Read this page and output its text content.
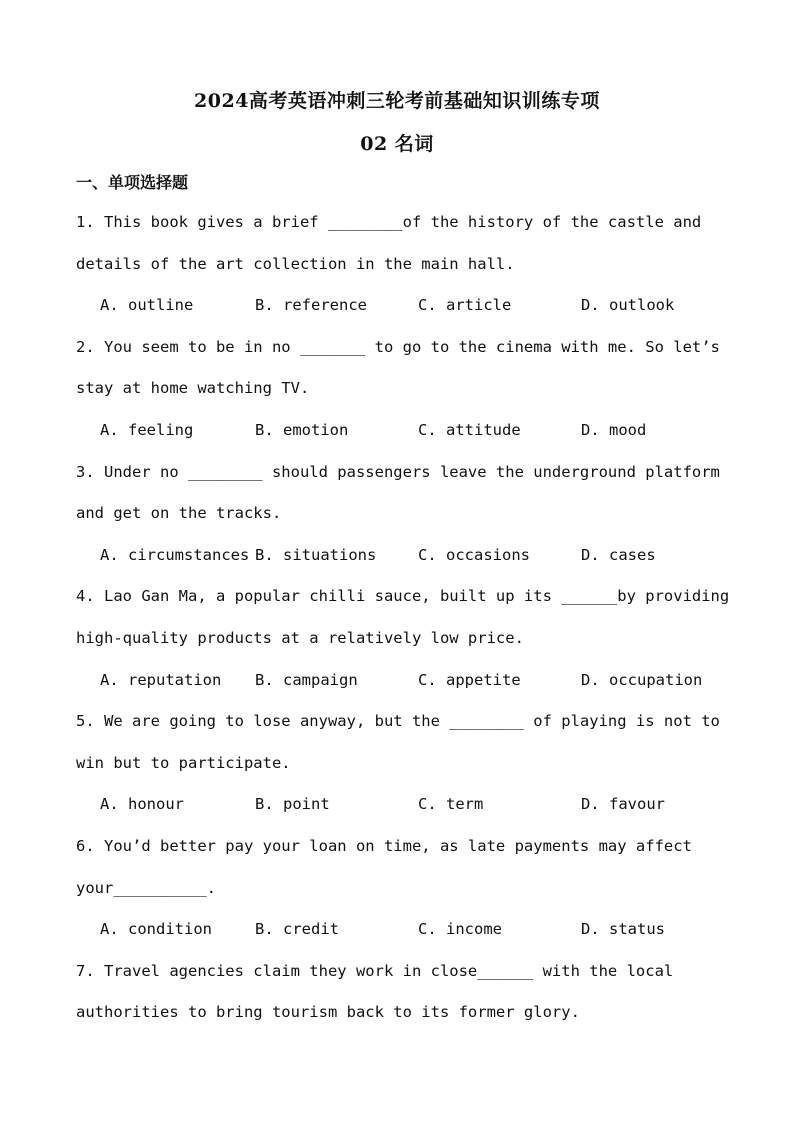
2024高考英语冲刺三轮考前基础知识训练专项
02 名词
一、单项选择题
1. This book gives a brief ________of the history of the castle and
details of the art collection in the main hall.
A. outline	B. reference	C. article	D. outlook
2. You seem to be in no _______ to go to the cinema with me. So let’s
stay at home watching TV.
A. feeling	B. emotion	C. attitude	D. mood
3. Under no ________ should passengers leave the underground platform
and get on the tracks.
A. circumstances B. situations	C. occasions	D. cases
4. Lao Gan Ma, a popular chilli sauce, built up its ______by providing
high-quality products at a relatively low price.
A. reputation B. campaign	C. appetite	D. occupation
5. We are going to lose anyway, but the ________ of playing is not to
win but to participate.
A. honour	B. point	C. term	D. favour
6. You’d better pay your loan on time, as late payments may affect
your__________.
A. condition	B. credit	C. income	D. status
7. Travel agencies claim they work in close______ with the local
authorities to bring tourism back to its former glory.
